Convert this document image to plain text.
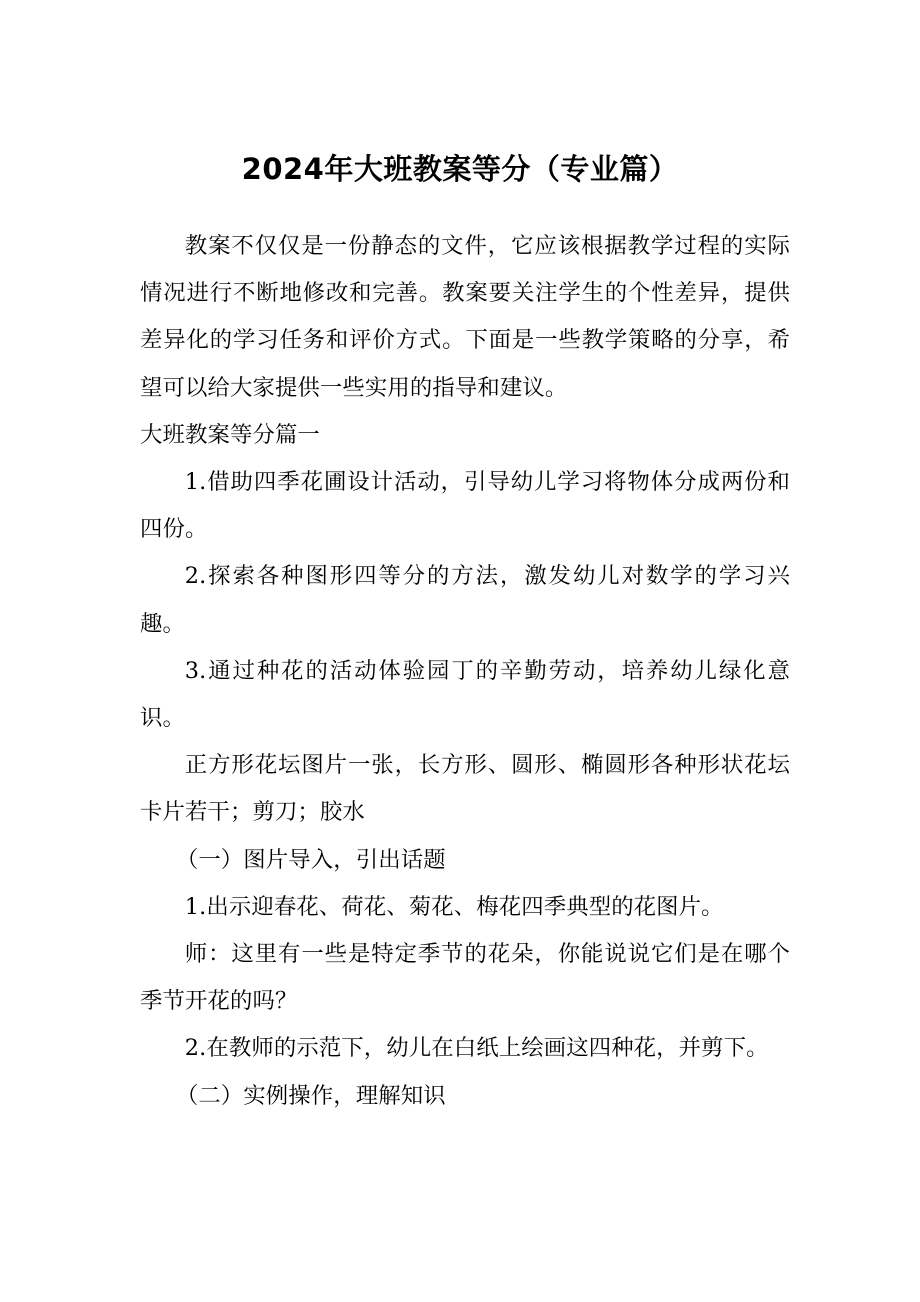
2024年大班教案等分（专业篇）

教案不仅仅是一份静态的文件，它应该根据教学过程的实际情况进行不断地修改和完善。教案要关注学生的个性差异，提供差异化的学习任务和评价方式。下面是一些教学策略的分享，希望可以给大家提供一些实用的指导和建议。

大班教案等分篇一

1.借助四季花圃设计活动，引导幼儿学习将物体分成两份和四份。

2.探索各种图形四等分的方法，激发幼儿对数学的学习兴趣。

3.通过种花的活动体验园丁的辛勤劳动，培养幼儿绿化意识。

正方形花坛图片一张，长方形、圆形、椭圆形各种形状花坛卡片若干；剪刀；胶水

（一）图片导入，引出话题

1.出示迎春花、荷花、菊花、梅花四季典型的花图片。

师：这里有一些是特定季节的花朵，你能说说它们是在哪个季节开花的吗？

2.在教师的示范下，幼儿在白纸上绘画这四种花，并剪下。

（二）实例操作，理解知识
